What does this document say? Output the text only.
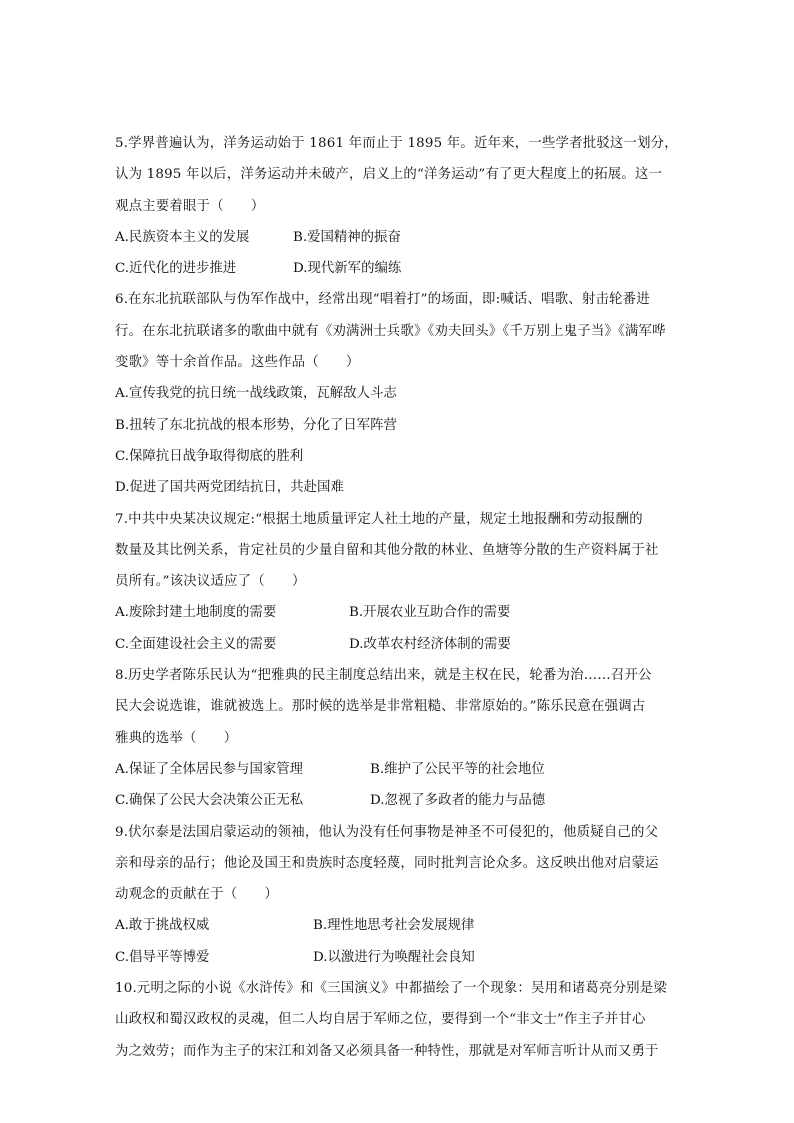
5.学界普遍认为，洋务运动始于 1861 年而止于 1895 年。近年来，一些学者批驳这一划分，
认为 1895 年以后，洋务运动并未破产，启义上的“洋务运动”有了更大程度上的拓展。这一
观点主要着眼于（　　）
A.民族资本主义的发展	B.爱国精神的振奋
C.近代化的进步推进	D.现代新军的编练
6.在东北抗联部队与伪军作战中，经常出现“唱着打”的场面，即:喊话、唱歌、射击轮番进
行。在东北抗联诸多的歌曲中就有《劝满洲士兵歌》《劝夫回头》《千万别上鬼子当》《满军哗
变歌》等十余首作品。这些作品（　　）
A.宣传我党的抗日统一战线政策，瓦解敌人斗志
B.扭转了东北抗战的根本形势，分化了日军阵营
C.保障抗日战争取得彻底的胜利
D.促进了国共两党团结抗日，共赴国难
7.中共中央某决议规定:“根据土地质量评定人社土地的产量，规定土地报酬和劳动报酬的
数量及其比例关系，肯定社员的少量自留和其他分散的林业、鱼塘等分散的生产资料属于社
员所有。”该决议适应了（　　）
A.废除封建土地制度的需要	B.开展农业互助合作的需要
C.全面建设社会主义的需要	D.改革农村经济体制的需要
8.历史学者陈乐民认为“把雅典的民主制度总结出来，就是主权在民，轮番为治……召开公
民大会说选谁，谁就被选上。那时候的选举是非常粗糙、非常原始的。”陈乐民意在强调古
雅典的选举（　　）
A.保证了全体居民参与国家管理	B.维护了公民平等的社会地位
C.确保了公民大会决策公正无私	D.忽视了多政者的能力与品德
9.伏尔泰是法国启蒙运动的领袖，他认为没有任何事物是神圣不可侵犯的，他质疑自己的父
亲和母亲的品行；他论及国王和贵族时态度轻蔑，同时批判言论众多。这反映出他对启蒙运
动观念的贡献在于（　　）
A.敢于挑战权威	B.理性地思考社会发展规律
C.倡导平等博爱	D.以激进行为唤醒社会良知
10.元明之际的小说《水浒传》和《三国演义》中都描绘了一个现象：吴用和诸葛亮分别是梁
山政权和蜀汉政权的灵魂，但二人均自居于军师之位，要得到一个“非文士”作主子并甘心
为之效劳；而作为主子的宋江和刘备又必须具备一种特性，那就是对军师言听计从而又勇于
